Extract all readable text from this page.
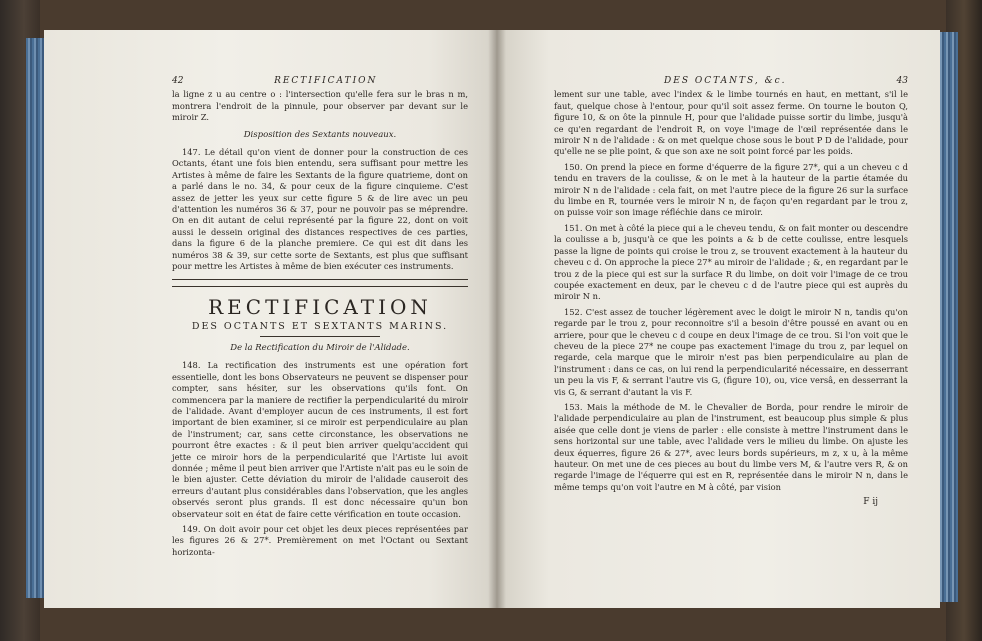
42	RECTIFICATION

la ligne z u au centre o : l'intersection qu'elle fera sur le bras n m, montrera l'endroit de la pinnule, pour observer par devant sur le miroir Z.

Disposition des Sextants nouveaux.

147. Le détail qu'on vient de donner pour la construction de ces Octants, étant une fois bien entendu, sera suffisant pour mettre les Artistes à même de faire les Sextants de la figure quatrieme, dont on a parlé dans le no. 34, & pour ceux de la figure cinquieme. C'est assez de jetter les yeux sur cette figure 5 & de lire avec un peu d'attention les numéros 36 & 37, pour ne pouvoir pas se méprendre. On en dit autant de celui représenté par la figure 22, dont on voit aussi le dessein original des distances respectives de ces parties, dans la figure 6 de la planche premiere. Ce qui est dit dans les numéros 38 & 39, sur cette sorte de Sextants, est plus que suffisant pour mettre les Artistes à même de bien exécuter ces instruments.

RECTIFICATION
DES OCTANTS ET SEXTANTS MARINS.
De la Rectification du Miroir de l'Alidade.

148. La rectification des instruments est une opération fort essentielle, dont les bons Observateurs ne peuvent se dispenser pour compter, sans hésiter, sur les observations qu'ils font. On commencera par la maniere de rectifier la perpendicularité du miroir de l'alidade. Avant d'employer aucun de ces instruments, il est fort important de bien examiner, si ce miroir est perpendiculaire au plan de l'instrument; car, sans cette circonstance, les observations ne pourront être exactes : & il peut bien arriver quelqu'accident qui jette ce miroir hors de la perpendicularité que l'Artiste lui avoit donnée ; même il peut bien arriver que l'Artiste n'ait pas eu le soin de le bien ajuster. Cette déviation du miroir de l'alidade causeroit des erreurs d'autant plus considérables dans l'observation, que les angles observés seront plus grands. Il est donc nécessaire qu'un bon observateur soit en état de faire cette vérification en toute occasion.

149. On doit avoir pour cet objet les deux pieces représentées par les figures 26 & 27*. Premièrement on met l'Octant ou Sextant horizonta-

DES OCTANTS, &c.	43

lement sur une table, avec l'index & le limbe tournés en haut, en mettant, s'il le faut, quelque chose à l'entour, pour qu'il soit assez ferme. On tourne le bouton Q, figure 10, & on ôte la pinnule H, pour que l'alidade puisse sortir du limbe, jusqu'à ce qu'en regardant de l'endroit R, on voye l'image de l'œil représentée dans le miroir N n de l'alidade : & on met quelque chose sous le bout P D de l'alidade, pour qu'elle ne se plie point, & que son axe ne soit point forcé par les poids.

150. On prend la piece en forme d'équerre de la figure 27*, qui a un cheveu c d tendu en travers de la coulisse, & on le met à la hauteur de la partie étamée du miroir N n de l'alidade : cela fait, on met l'autre piece de la figure 26 sur la surface du limbe en R, tournée vers le miroir N n, de façon qu'en regardant par le trou z, on puisse voir son image réfléchie dans ce miroir.

151. On met à côté la piece qui a le cheveu tendu, & on fait monter ou descendre la coulisse a b, jusqu'à ce que les points a & b de cette coulisse, entre lesquels passe la ligne de points qui croise le trou z, se trouvent exactement à la hauteur du cheveu c d. On approche la piece 27* au miroir de l'alidade ; &, en regardant par le trou z de la piece qui est sur la surface R du limbe, on doit voir l'image de ce trou coupée exactement en deux, par le cheveu c d de l'autre piece qui est auprès du miroir N n.

152. C'est assez de toucher légèrement avec le doigt le miroir N n, tandis qu'on regarde par le trou z, pour reconnoitre s'il a besoin d'être poussé en avant ou en arriere, pour que le cheveu c d coupe en deux l'image de ce trou. Si l'on voit que le cheveu de la piece 27* ne coupe pas exactement l'image du trou z, par lequel on regarde, cela marque que le miroir n'est pas bien perpendiculaire au plan de l'instrument : dans ce cas, on lui rend la perpendicularité nécessaire, en desserrant un peu la vis F, & serrant l'autre vis G, (figure 10), ou, vice versâ, en desserrant la vis G, & serrant d'autant la vis F.

153. Mais la méthode de M. le Chevalier de Borda, pour rendre le miroir de l'alidade perpendiculaire au plan de l'instrument, est beaucoup plus simple & plus aisée que celle dont je viens de parler : elle consiste à mettre l'instrument dans le sens horizontal sur une table, avec l'alidade vers le milieu du limbe. On ajuste les deux équerres, figure 26 & 27*, avec leurs bords supérieurs, m z, x u, à la même hauteur. On met une de ces pieces au bout du limbe vers M, & l'autre vers R, & on regarde l'image de l'équerre qui est en R, représentée dans le miroir N n, dans le même temps qu'on voit l'autre en M à côté, par vision

F ij
